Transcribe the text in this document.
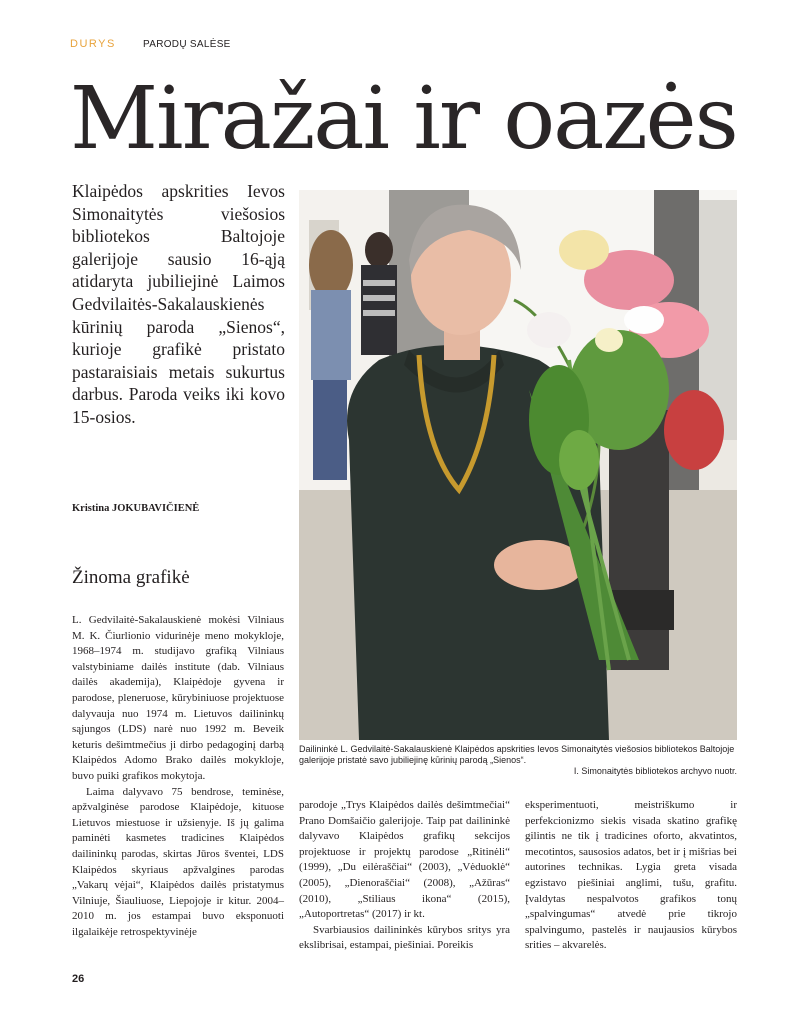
DURYS	PARODŲ SALĖSE
Miražai ir oazės

Klaipėdos apskrities Ievos Simonaitytės viešosios bibliotekos Baltojoje galerijoje sausio 16-ąją atidaryta jubiliejinė Laimos Gedvilaitės-Sakalauskienės kūrinių paroda „Sienos“, kurioje grafikė pristato pastaraisiais metais sukurtus darbus. Paroda veiks iki kovo 15-osios.

Kristina JOKUBAVIČIENĖ
Žinoma grafikė

L. Gedvilaitė-Sakalauskienė mokėsi Vilniaus M. K. Čiurlionio vidurinėje meno mokykloje, 1968–1974 m. studijavo grafiką Vilniaus valstybiniame dailės institute (dab. Vilniaus dailės akademija), Klaipėdoje gyvena ir parodose, pleneruose, kūrybiniuose projektuose dalyvauja nuo 1974 m. Lietuvos dailininkų sąjungos (LDS) narė nuo 1992 m. Beveik keturis dešimtmečius ji dirbo pedagoginį darbą Klaipėdos Adomo Brako dailės mokykloje, buvo puiki grafikos mokytoja.

Laima dalyvavo 75 bendrose, teminėse, apžvalginėse parodose Klaipėdoje, kituose Lietuvos miestuose ir užsienyje. Iš jų galima paminėti kasmetes tradicines Klaipėdos dailininkų parodas, skirtas Jūros šventei, LDS Klaipėdos skyriaus apžvalgines parodas „Vakarų vėjai“, Klaipėdos dailės pristatymus Vilniuje, Šiauliuose, Liepojoje ir kitur. 2004–2010 m. jos estampai buvo eksponuoti ilgalaikėje retrospektyvinėje

Dailininkė L. Gedvilaitė-Sakalauskienė Klaipėdos apskrities Ievos Simonaitytės viešosios bibliotekos Baltojoje galerijoje pristatė savo jubiliejinę kūrinių parodą „Sienos“.
I. Simonaitytės bibliotekos archyvo nuotr.

parodoje „Trys Klaipėdos dailės dešimtmečiai“ Prano Domšaičio galerijoje. Taip pat dailininkė dalyvavo Klaipėdos grafikų sekcijos projektuose ir projektų parodose „Ritinėli“ (1999), „Du eilėraščiai“ (2003), „Vėduoklė“ (2005), „Dienoraščiai“ (2008), „Ažūras“ (2010), „Stiliaus ikona“ (2015), „Autoportretas“ (2017) ir kt.

Svarbiausios dailininkės kūrybos sritys yra ekslibrisai, estampai, piešiniai. Poreikis

eksperimentuoti, meistriškumo ir perfekcionizmo siekis visada skatino grafikę gilintis ne tik į tradicines oforto, akvatintos, mecotintos, sausosios adatos, bet ir į mišrias bei autorines technikas. Lygia greta visada egzistavo piešiniai anglimi, tušu, grafitu. Įvaldytas nespalvotos grafikos tonų „spalvingumas“ atvedė prie tikrojo spalvingumo, pastelės ir naujausios kūrybos srities – akvarelės.

26
